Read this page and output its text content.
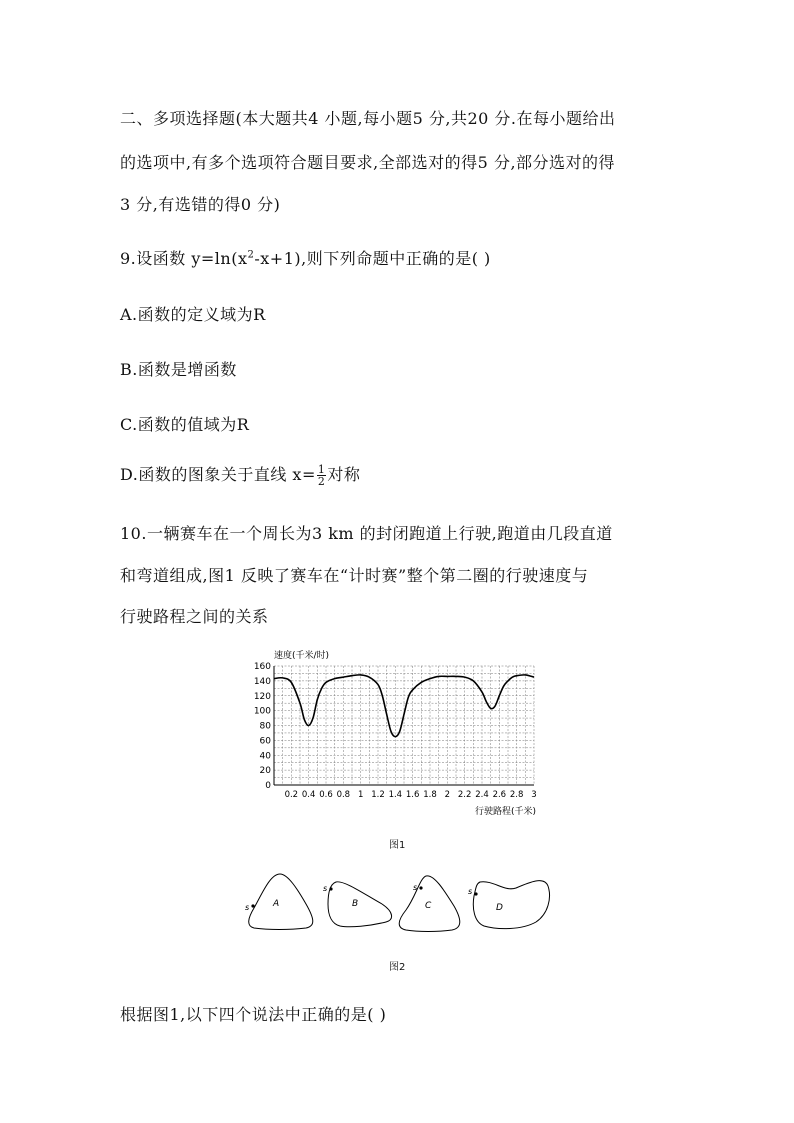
二、多项选择题(本大题共4 小题,每小题5 分,共20 分.在每小题给出
的选项中,有多个选项符合题目要求,全部选对的得5 分,部分选对的得
3 分,有选错的得0 分)
9.设函数 $y=\ln(x^2-x+1)$,则下列命题中正确的是( )
A.函数的定义域为R
B.函数是增函数
C.函数的值域为R
D.函数的图象关于直线 $x= \frac{1}{2}$ 对称
10.一辆赛车在一个周长为3 km 的封闭跑道上行驶,跑道由几段直道
和弯道组成,图1 反映了赛车在“计时赛”整个第二圈的行驶速度与
行驶路程之间的关系
0
20
40
60
80
100
120
140
160
0.2 0.4 0.6 0.8 1 1.2 1.4 1.6 1.8 2 2.2 2.4 2.6 2.8 3
速度(千米/时)
行驶路程(千米)
图1
s	A
s
B
s
C
s
D
图2
根据图1,以下四个说法中正确的是( )
